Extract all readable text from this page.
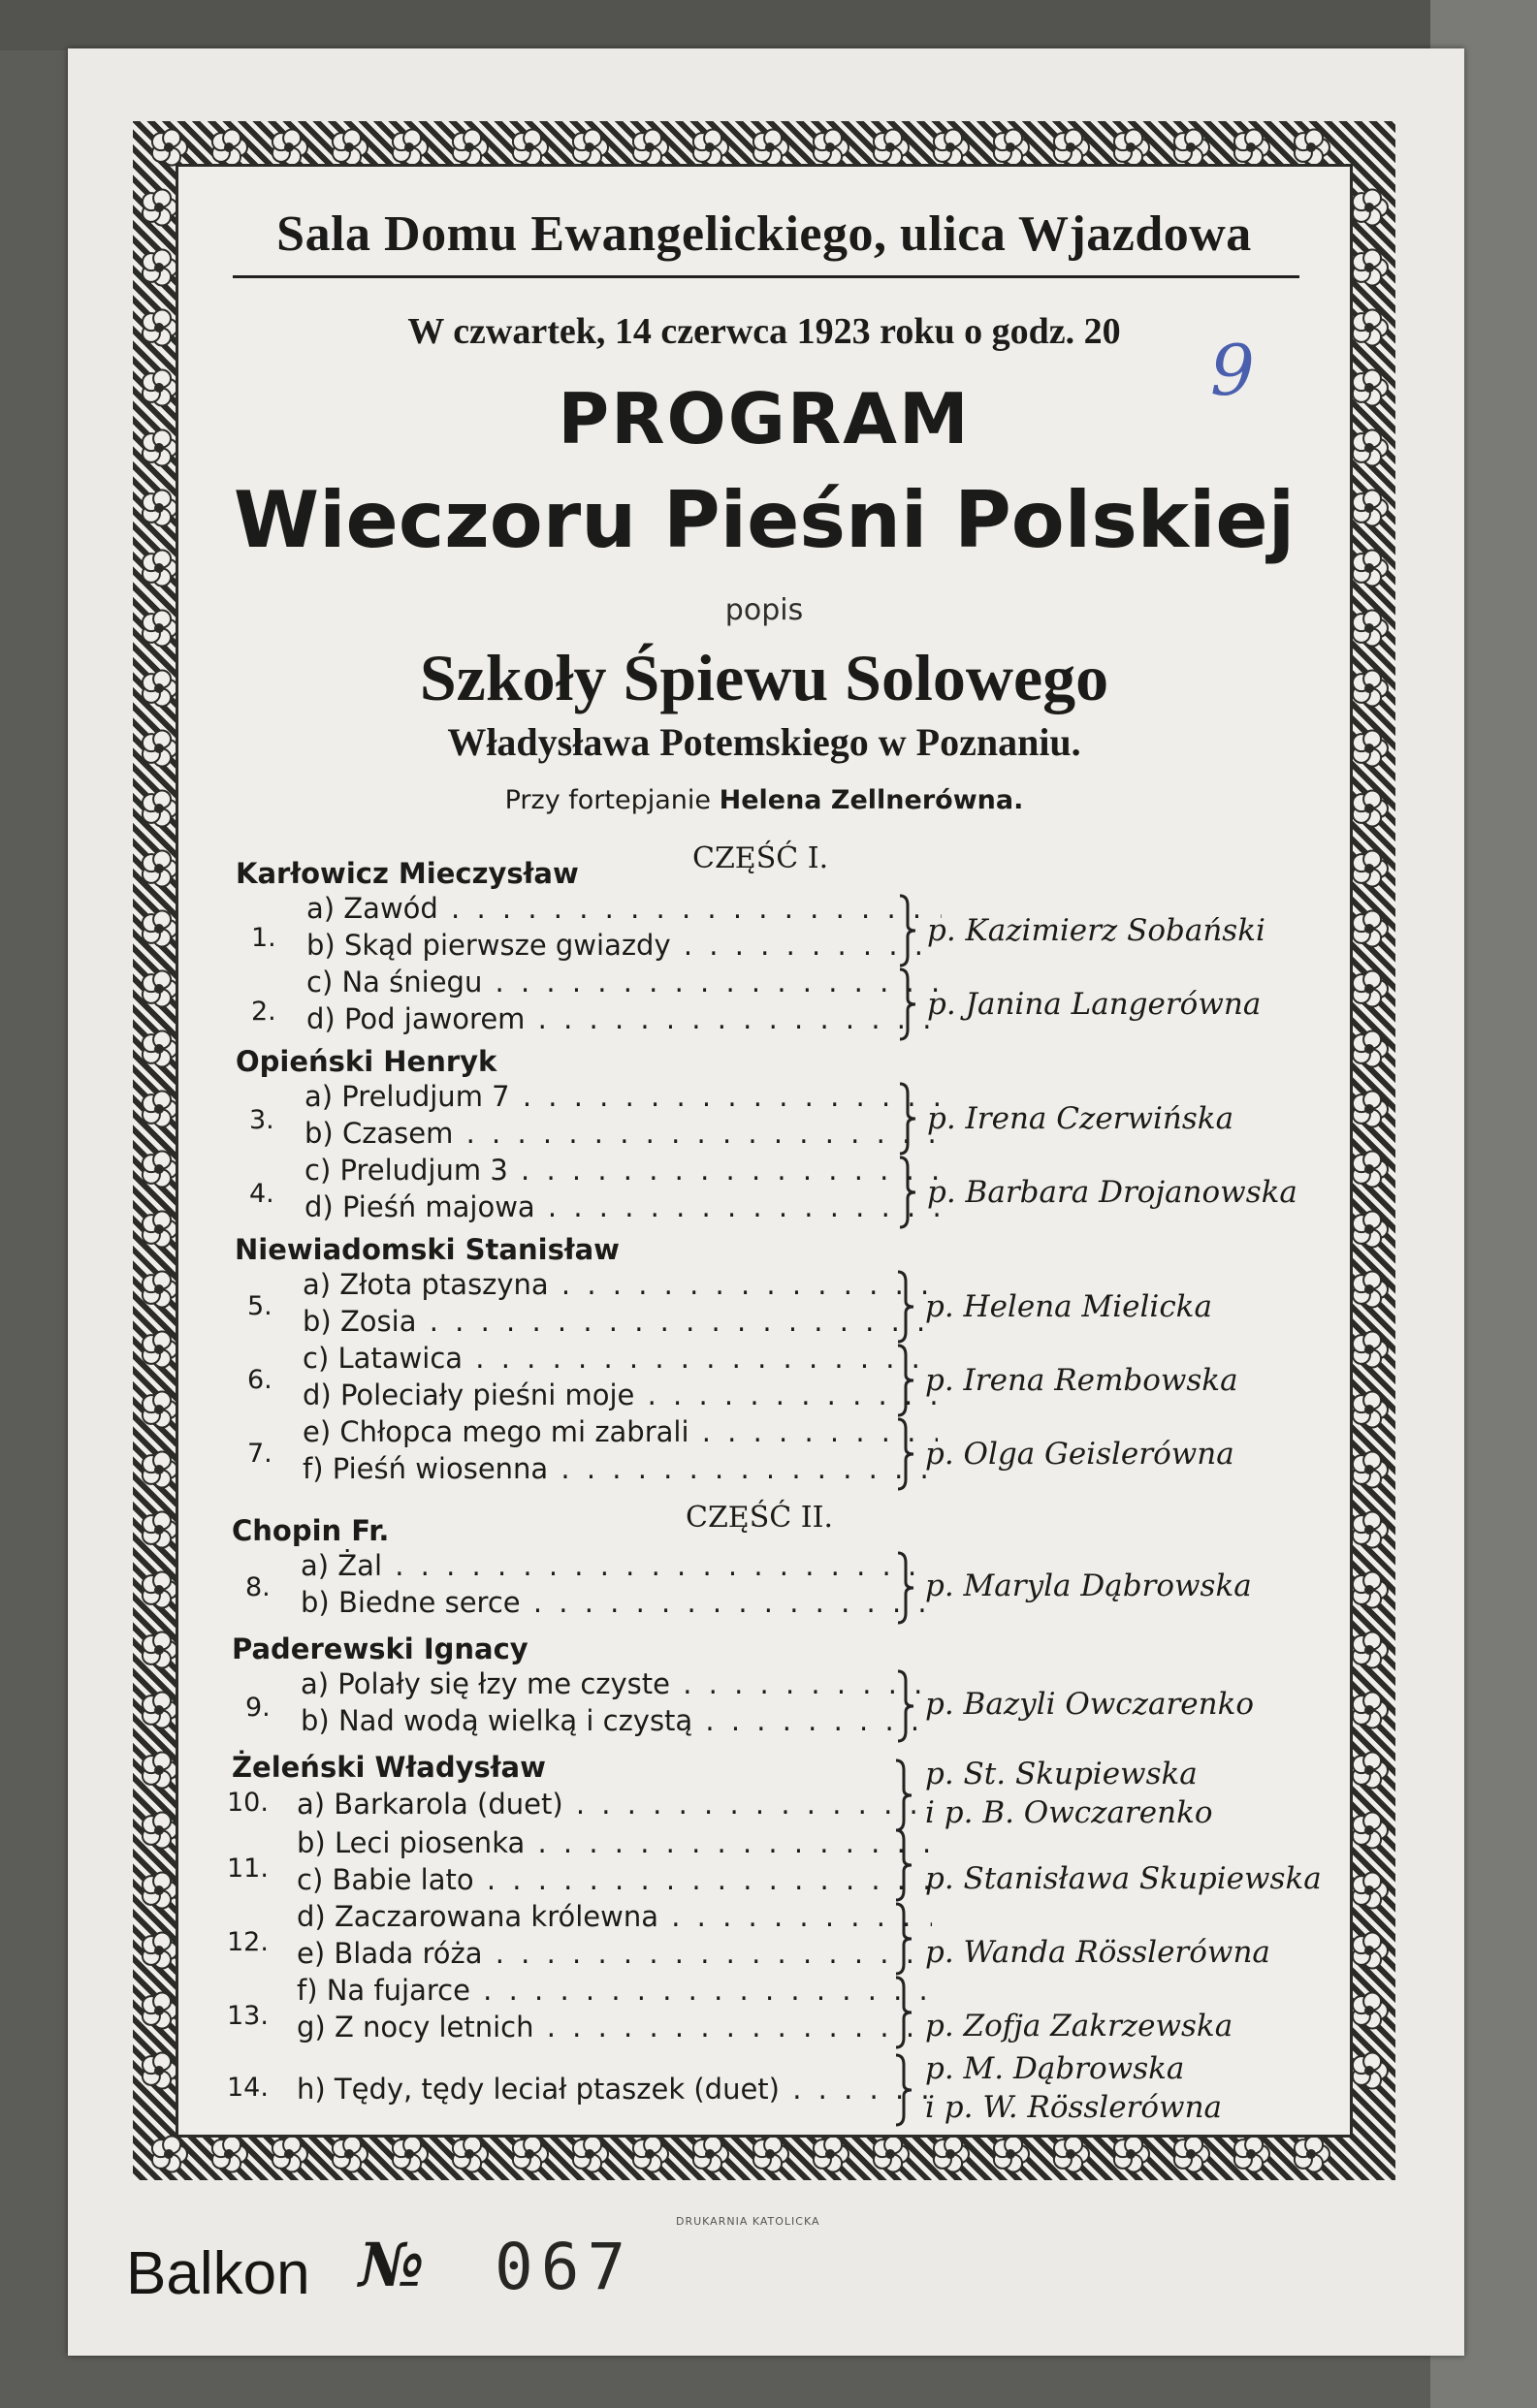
Sala Domu Ewangelickiego, ulica Wjazdowa
W czwartek, 14 czerwca 1923 roku o godz. 20
PROGRAM
Wieczoru Pieśni Polskiej
popis
Szkoły Śpiewu Solowego
Władysława Potemskiego w Poznaniu.
Przy fortepjanie Helena Zellnerówna.
CZĘŚĆ I.
CZĘŚĆ II.
Karłowicz Mieczysław
Opieński Henryk
Niewiadomski Stanisław
Chopin Fr.
Paderewski Ignacy
Żeleński Władysław
1.
2.
3.
4.
5.
6.
7.
8.
9.
10.
11.
12.
13.
14.
a) Zawód . . .
b) Skąd pierwsze gwiazdy . . .
c) Na śniegu . . .
d) Pod jaworem . . .
a) Preludjum 7 . . .
b) Czasem . . .
c) Preludjum 3 . . .
d) Pieśń majowa . . .
a) Złota ptaszyna . . .
b) Zosia . . .
c) Latawica . . .
d) Poleciały pieśni moje . . .
e) Chłopca mego mi zabrali . . .
f) Pieśń wiosenna . . .
a) Żal . . .
b) Biedne serce . . .
a) Polały się łzy me czyste . . .
b) Nad wodą wielką i czystą . . .
a) Barkarola (duet) . . .
b) Leci piosenka . . .
c) Babie lato . . .
d) Zaczarowana królewna . . .
e) Blada róża . . .
f) Na fujarce . . .
g) Z nocy letnich . . .
h) Tędy, tędy leciał ptaszek (duet) . . .
p. Kazimierz Sobański
p. Janina Langerówna
p. Irena Czerwińska
p. Barbara Drojanowska
p. Helena Mielicka
p. Irena Rembowska
p. Olga Geislerówna
p. Maryla Dąbrowska
p. Bazyli Owczarenko
p. St. Skupiewska
i p. B. Owczarenko
p. Stanisława Skupiewska
p. Wanda Rösslerówna
p. Zofja Zakrzewska
p. M. Dąbrowska
i p. W. Rösslerówna
9
DRUKARNIA KATOLICKA
Balkon № 067
